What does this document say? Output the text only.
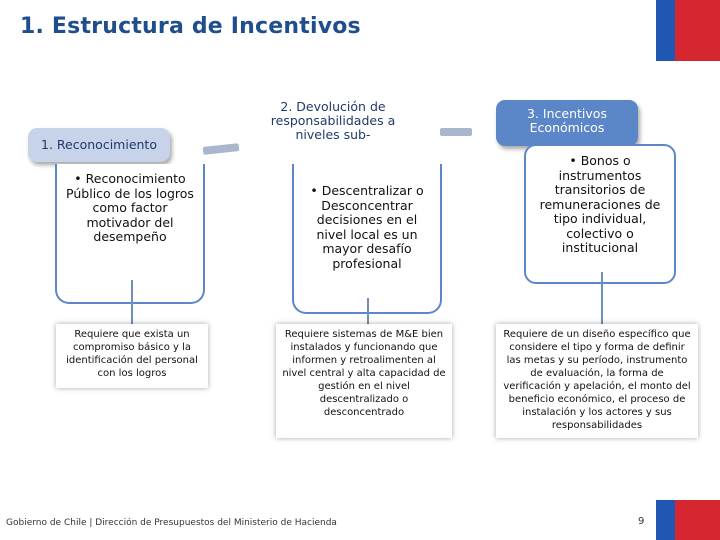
1. Estructura de Incentivos
1. Reconocimiento
2. Devolución de responsabilidades a niveles sub-
3. Incentivos Económicos

• Reconocimiento Público de los logros como factor motivador del desempeño

• Descentralizar o Desconcentrar decisiones en el nivel local es un mayor desafío profesional

• Bonos o instrumentos transitorios de remuneraciones de tipo individual, colectivo o institucional

Requiere que exista un compromiso básico y la identificación del personal con los logros
Requiere sistemas de M&E bien instalados y funcionando que informen y retroalimenten al nivel central y alta capacidad de gestión en el nivel descentralizado o desconcentrado
Requiere de un diseño específico que considere el tipo y forma de definir las metas y su período, instrumento de evaluación, la forma de verificación y apelación, el monto del beneficio económico, el proceso de instalación y los actores y sus responsabilidades
Gobierno de Chile | Dirección de Presupuestos del Ministerio de Hacienda	9
